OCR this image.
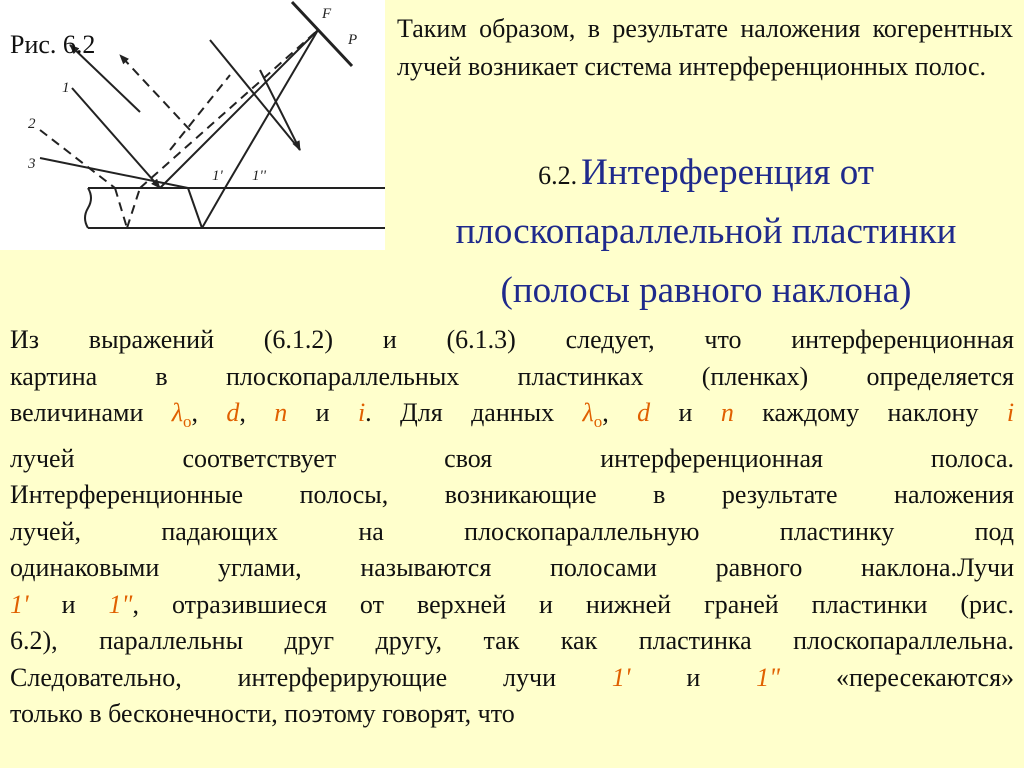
1
2
3
1' 1''
F
P
Рис. 6.2
Таким образом, в результате наложения когерентных лучей возникает система интерференционных полос.
6.2. Интерференция от плоскопараллельной пластинки (полосы равного наклона)
Из выражений (6.1.2) и (6.1.3) следует, что интерференционная
картина в плоскопараллельных пластинках (пленках) определяется
величинами $\lambda_o$, d, n и i. Для данных $\lambda_o$, d и n каждому наклону i
лучей соответствует своя интерференционная полоса.
Интерференционные полосы, возникающие в результате наложения
лучей, падающих на плоскопараллельную пластинку под
одинаковыми углами, называются полосами равного наклона.Лучи
1' и 1", отразившиеся от верхней и нижней граней пластинки (рис.
6.2), параллельны друг другу, так как пластинка плоскопараллельна.
Следовательно, интерферирующие лучи 1' и 1" «пересекаются»
только в бесконечности, поэтому говорят, что
